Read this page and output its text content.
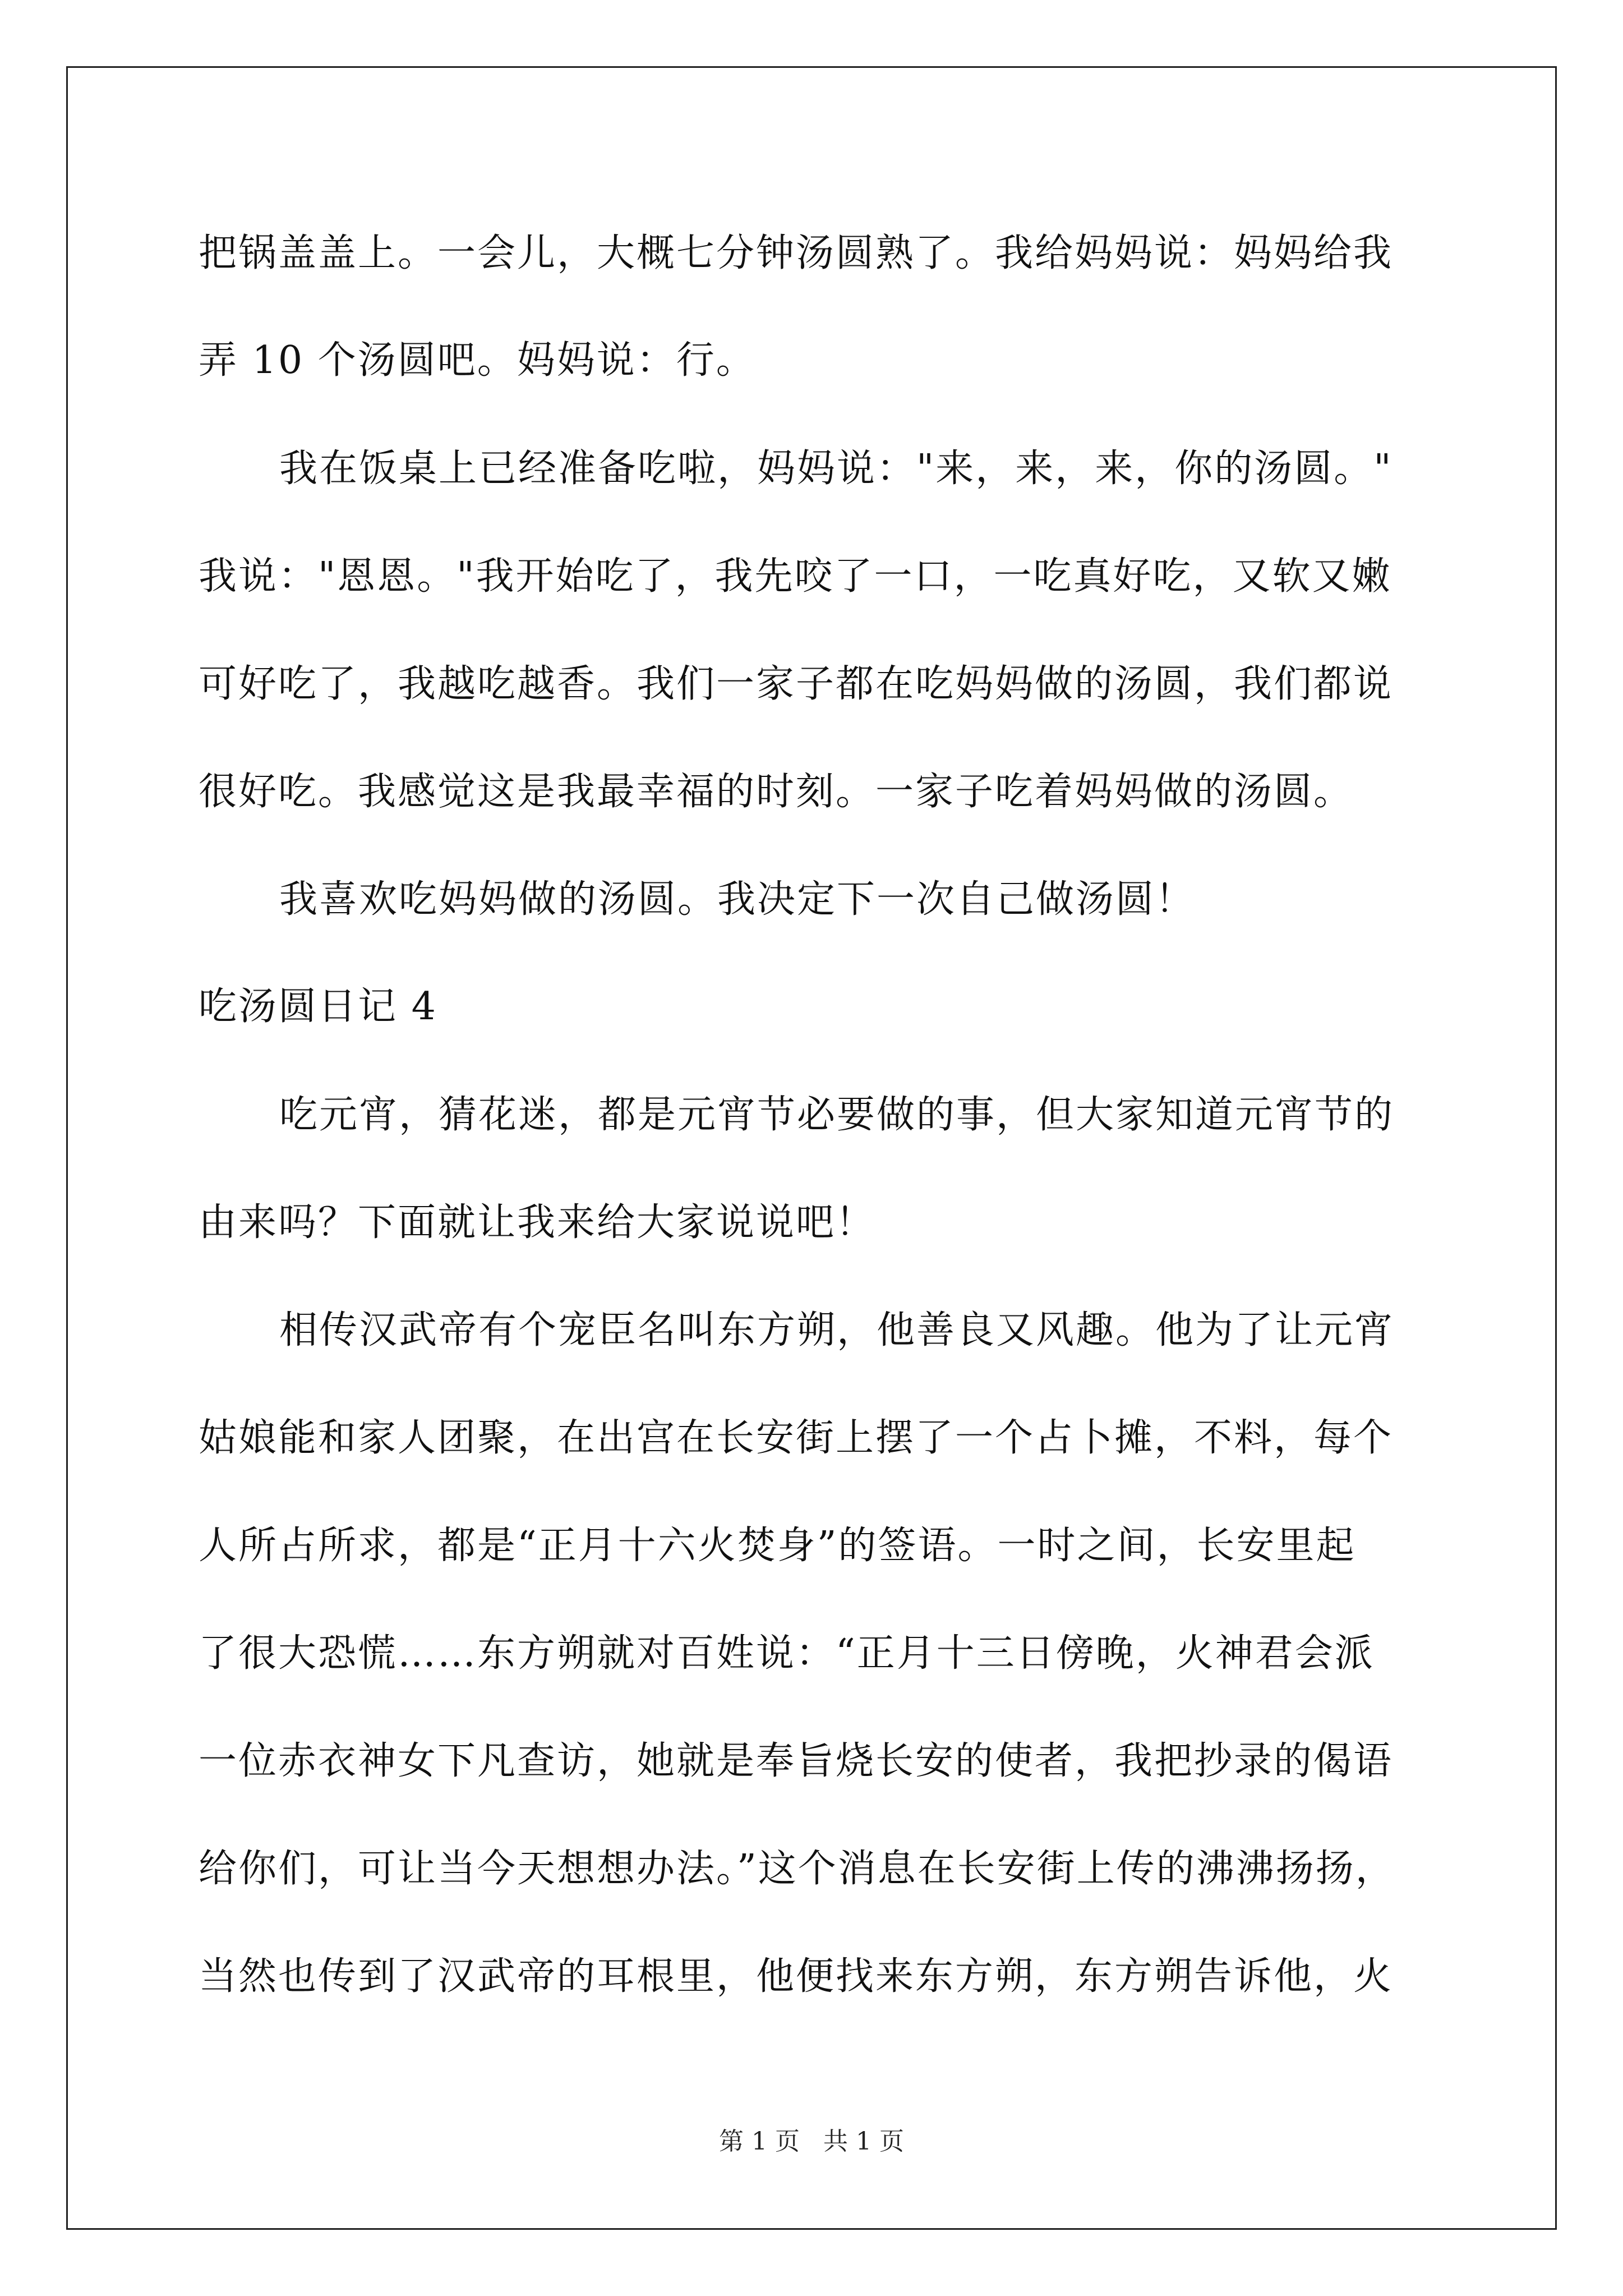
把锅盖盖上。一会儿，大概七分钟汤圆熟了。我给妈妈说：妈妈给我
弄 10 个汤圆吧。妈妈说：行。
我在饭桌上已经准备吃啦，妈妈说："来，来，来，你的汤圆。"
我说："恩恩。"我开始吃了，我先咬了一口，一吃真好吃，又软又嫩
可好吃了，我越吃越香。我们一家子都在吃妈妈做的汤圆，我们都说
很好吃。我感觉这是我最幸福的时刻。一家子吃着妈妈做的汤圆。
我喜欢吃妈妈做的汤圆。我决定下一次自己做汤圆！
吃汤圆日记 4
吃元宵，猜花迷，都是元宵节必要做的事，但大家知道元宵节的
由来吗？下面就让我来给大家说说吧！
相传汉武帝有个宠臣名叫东方朔，他善良又风趣。他为了让元宵
姑娘能和家人团聚，在出宫在长安街上摆了一个占卜摊，不料，每个
人所占所求，都是“正月十六火焚身”的签语。一时之间，长安里起
了很大恐慌……东方朔就对百姓说：“正月十三日傍晚，火神君会派
一位赤衣神女下凡查访，她就是奉旨烧长安的使者，我把抄录的偈语
给你们，可让当今天想想办法。”这个消息在长安街上传的沸沸扬扬，
当然也传到了汉武帝的耳根里，他便找来东方朔，东方朔告诉他，火
第 1 页   共 1 页
